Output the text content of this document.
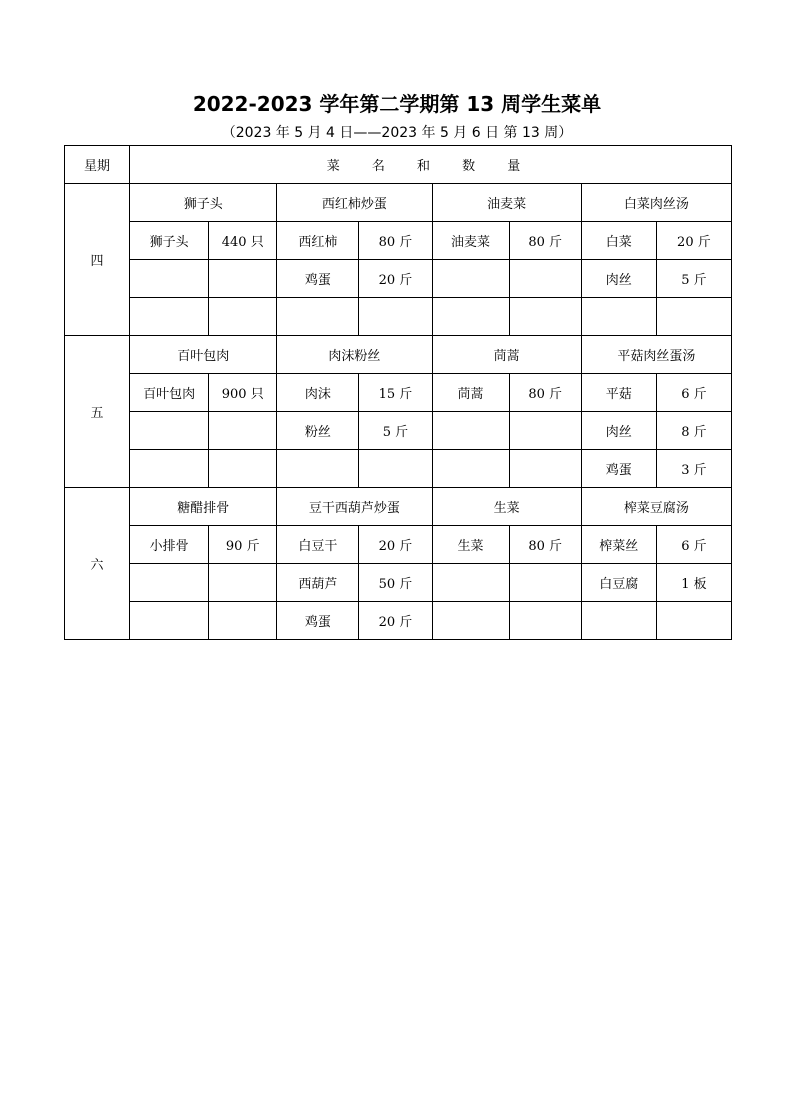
2022-2023 学年第二学期第 13 周学生菜单
（2023 年 5 月 4 日——2023 年 5 月 6 日 第 13 周）
星期	菜 名 和 数 量							
四	狮子头		西红柿炒蛋		油麦菜		白菜肉丝汤	
	狮子头	440 只	西红柿	80 斤	油麦菜	80 斤	白菜	20 斤
			鸡蛋	20 斤			肉丝	5 斤

五	百叶包肉		肉沫粉丝		茼蒿		平菇肉丝蛋汤	
	百叶包肉	900 只	肉沫	15 斤	茼蒿	80 斤	平菇	6 斤
			粉丝	5 斤			肉丝	8 斤
							鸡蛋	3 斤
六	糖醋排骨		豆干西葫芦炒蛋		生菜		榨菜豆腐汤	
	小排骨	90 斤	白豆干	20 斤	生菜	80 斤	榨菜丝	6 斤
			西葫芦	50 斤			白豆腐	1 板
			鸡蛋	20 斤				
